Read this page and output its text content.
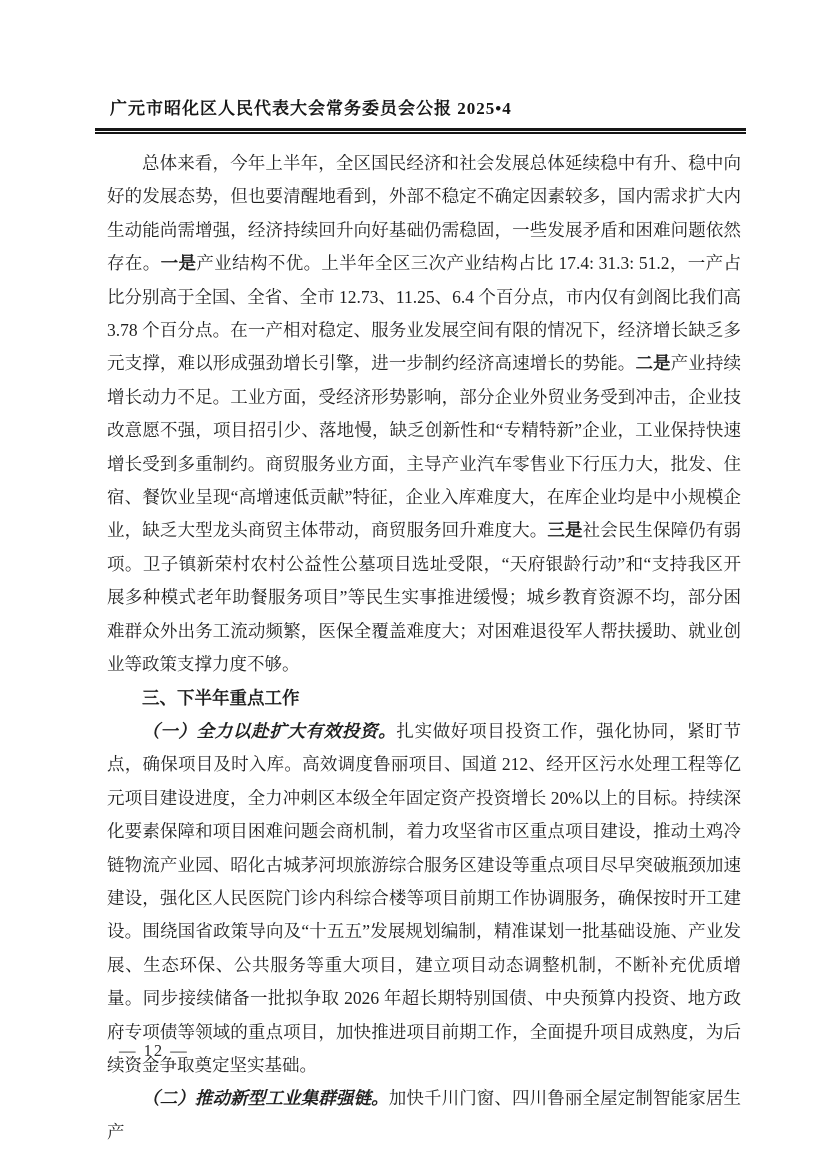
广元市昭化区人民代表大会常务委员会公报 2025•4

总体来看，今年上半年，全区国民经济和社会发展总体延续稳中有升、稳中向好的发展态势，但也要清醒地看到，外部不稳定不确定因素较多，国内需求扩大内生动能尚需增强，经济持续回升向好基础仍需稳固，一些发展矛盾和困难问题依然存在。一是产业结构不优。上半年全区三次产业结构占比 17.4: 31.3: 51.2，一产占比分别高于全国、全省、全市 12.73、11.25、6.4 个百分点，市内仅有剑阁比我们高 3.78 个百分点。在一产相对稳定、服务业发展空间有限的情况下，经济增长缺乏多元支撑，难以形成强劲增长引擎，进一步制约经济高速增长的势能。二是产业持续增长动力不足。工业方面，受经济形势影响，部分企业外贸业务受到冲击，企业技改意愿不强，项目招引少、落地慢，缺乏创新性和“专精特新”企业，工业保持快速增长受到多重制约。商贸服务业方面，主导产业汽车零售业下行压力大，批发、住宿、餐饮业呈现“高增速低贡献”特征，企业入库难度大，在库企业均是中小规模企业，缺乏大型龙头商贸主体带动，商贸服务回升难度大。三是社会民生保障仍有弱项。卫子镇新荣村农村公益性公墓项目选址受限，“天府银龄行动”和“支持我区开展多种模式老年助餐服务项目”等民生实事推进缓慢；城乡教育资源不均，部分困难群众外出务工流动频繁，医保全覆盖难度大；对困难退役军人帮扶援助、就业创业等政策支撑力度不够。

三、下半年重点工作

（一）全力以赴扩大有效投资。扎实做好项目投资工作，强化协同，紧盯节点，确保项目及时入库。高效调度鲁丽项目、国道 212、经开区污水处理工程等亿元项目建设进度，全力冲刺区本级全年固定资产投资增长 20%以上的目标。持续深化要素保障和项目困难问题会商机制，着力攻坚省市区重点项目建设，推动土鸡冷链物流产业园、昭化古城茅河坝旅游综合服务区建设等重点项目尽早突破瓶颈加速建设，强化区人民医院门诊内科综合楼等项目前期工作协调服务，确保按时开工建设。围绕国省政策导向及“十五五”发展规划编制，精准谋划一批基础设施、产业发展、生态环保、公共服务等重大项目，建立项目动态调整机制，不断补充优质增量。同步接续储备一批拟争取 2026 年超长期特别国债、中央预算内投资、地方政府专项债等领域的重点项目，加快推进项目前期工作，全面提升项目成熟度，为后续资金争取奠定坚实基础。

（二）推动新型工业集群强链。加快千川门窗、四川鲁丽全屋定制智能家居生产

— 12 —
